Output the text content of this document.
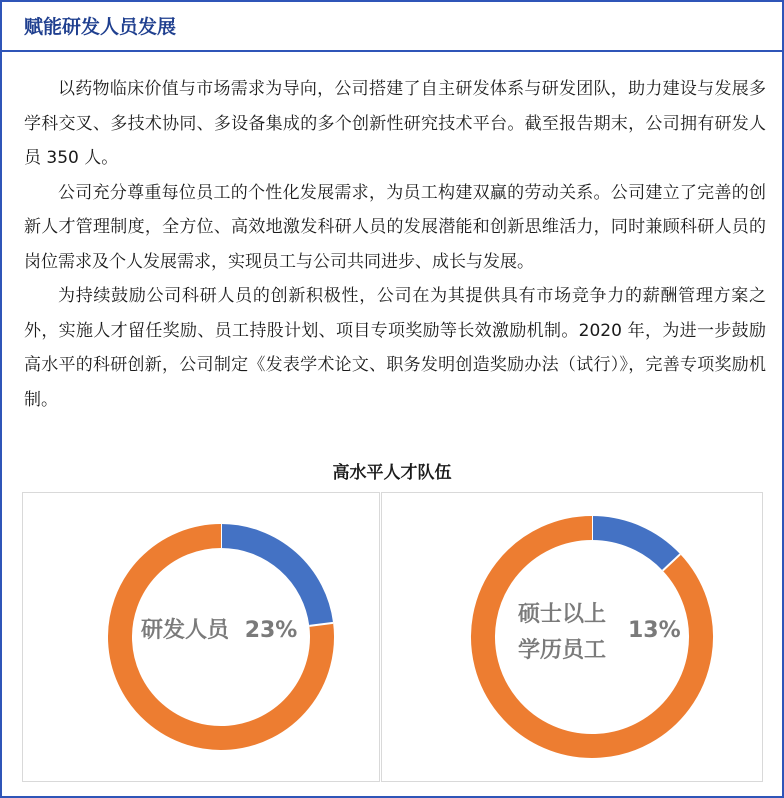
赋能研发人员发展

以药物临床价值与市场需求为导向，公司搭建了自主研发体系与研发团队，助力建设与发展多学科交叉、多技术协同、多设备集成的多个创新性研究技术平台。截至报告期末，公司拥有研发人员 350 人。

公司充分尊重每位员工的个性化发展需求，为员工构建双赢的劳动关系。公司建立了完善的创新人才管理制度，全方位、高效地激发科研人员的发展潜能和创新思维活力，同时兼顾科研人员的岗位需求及个人发展需求，实现员工与公司共同进步、成长与发展。

为持续鼓励公司科研人员的创新积极性，公司在为其提供具有市场竞争力的薪酬管理方案之外，实施人才留任奖励、员工持股计划、项目专项奖励等长效激励机制。2020 年，为进一步鼓励高水平的科研创新，公司制定《发表学术论文、职务发明创造奖励办法（试行）》，完善专项奖励机制。

高水平人才队伍
研发人员 23%
硕士以上
学历员工
13%
